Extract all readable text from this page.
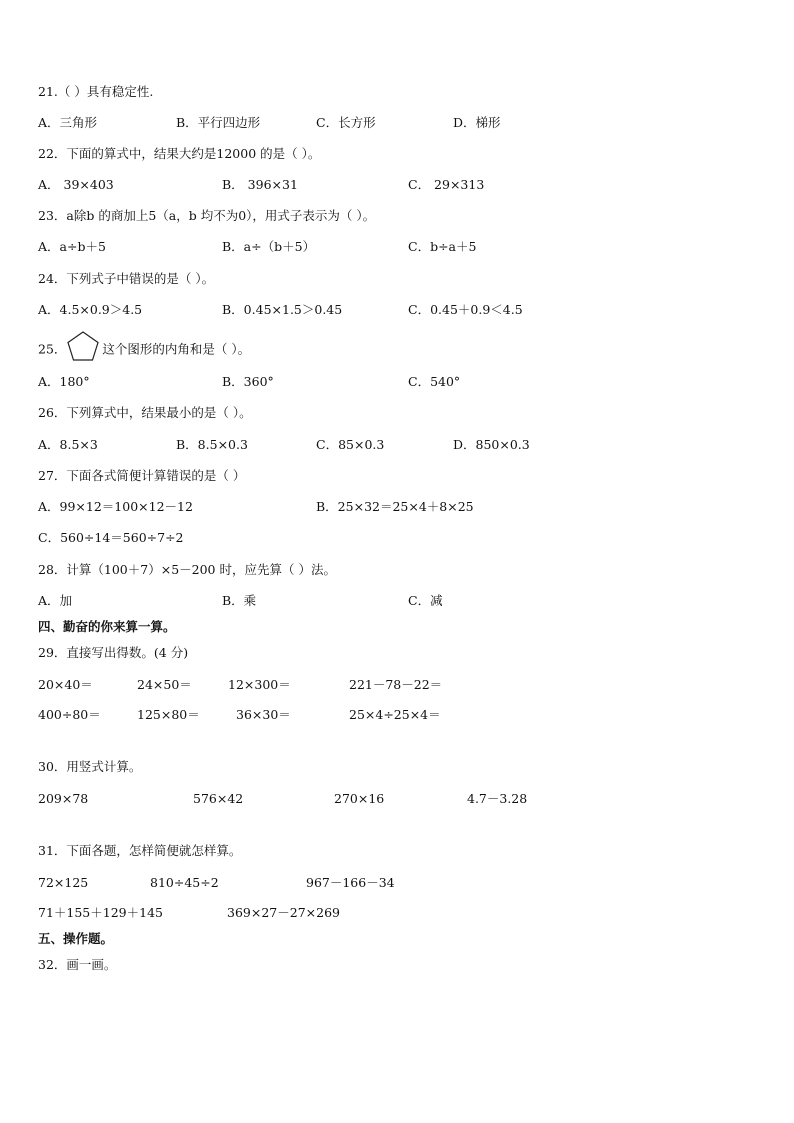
21.（ ）具有稳定性.
A．三角形	B．平行四边形	C．长方形	D．梯形
22．下面的算式中，结果大约是12000 的是（ ）。
A． 39×403	B． 396×31	C． 29×313
23．a除b 的商加上5（a，b 均不为0），用式子表示为（ ）。
A．a÷b＋5	B．a÷（b＋5）	C．b÷a＋5
24．下列式子中错误的是（ ）。
A．4.5×0.9＞4.5	B．0.45×1.5＞0.45	C．0.45＋0.9＜4.5
25．	这个图形的内角和是（ ）。
A．180°	B．360°	C．540°
26．下列算式中，结果最小的是（ ）。
A．8.5×3	B．8.5×0.3	C．85×0.3	D．850×0.3
27．下面各式简便计算错误的是（ ）
A．99×12＝100×12－12	B．25×32＝25×4＋8×25
C．560÷14＝560÷7÷2
28．计算（100＋7）×5－200 时，应先算（ ）法。
A．加	B．乘	C．减
四、勤奋的你来算一算。
29．直接写出得数。(4 分)
20×40＝	24×50＝	12×300＝	221－78－22＝
400÷80＝	125×80＝	36×30＝	25×4÷25×4＝
30．用竖式计算。
209×78	576×42	270×16	4.7－3.28
31．下面各题，怎样简便就怎样算。
72×125	810÷45÷2	967－166－34
71＋155＋129＋145	369×27－27×269
五、操作题。
32．画一画。
